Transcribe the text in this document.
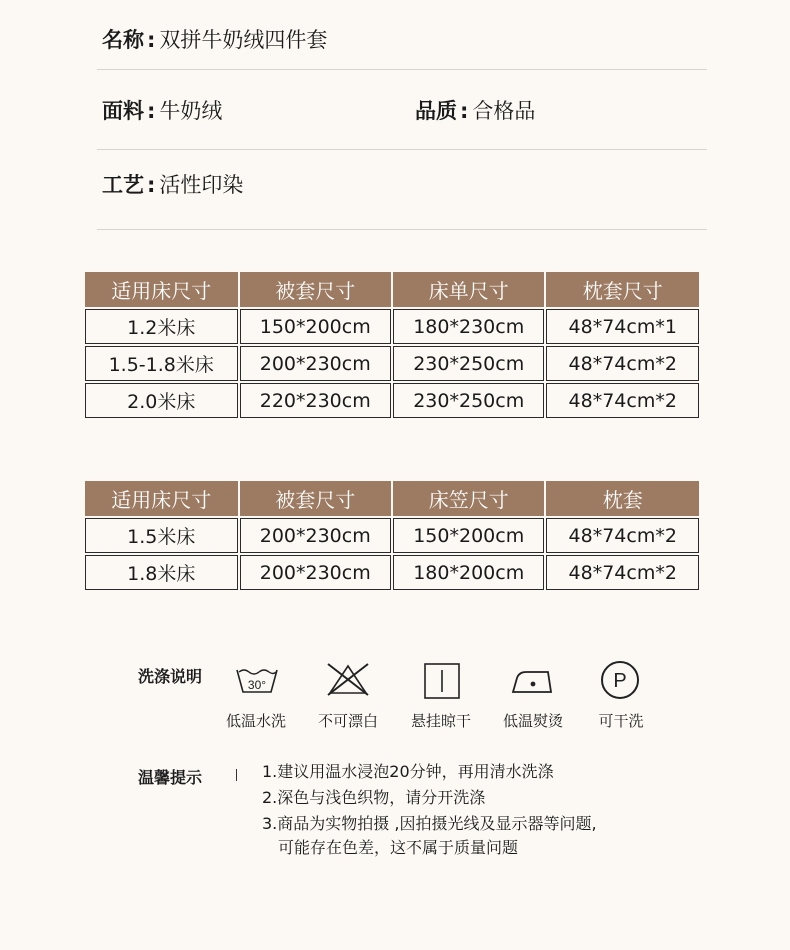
名称 : 双拼牛奶绒四件套
面料 : 牛奶绒	品质 : 合格品
工艺 : 活性印染
适用床尺寸	被套尺寸	床单尺寸	枕套尺寸
1.2米床	150*200cm	180*230cm	48*74cm*1
1.5-1.8米床	200*230cm	230*250cm	48*74cm*2
2.0米床	220*230cm	230*250cm	48*74cm*2
适用床尺寸	被套尺寸	床笠尺寸	枕套
1.5米床	200*230cm	150*200cm	48*74cm*2
1.8米床	200*230cm	180*200cm	48*74cm*2
洗涤说明	30°
低温水洗	不可漂白	悬挂晾干	低温熨烫
P
可干洗
温馨提示	1.建议用温水浸泡20分钟，再用清水洗涤
2.深色与浅色织物，请分开洗涤
3.商品为实物拍摄 ,因拍摄光线及显示器等问题,
可能存在色差，这不属于质量问题
